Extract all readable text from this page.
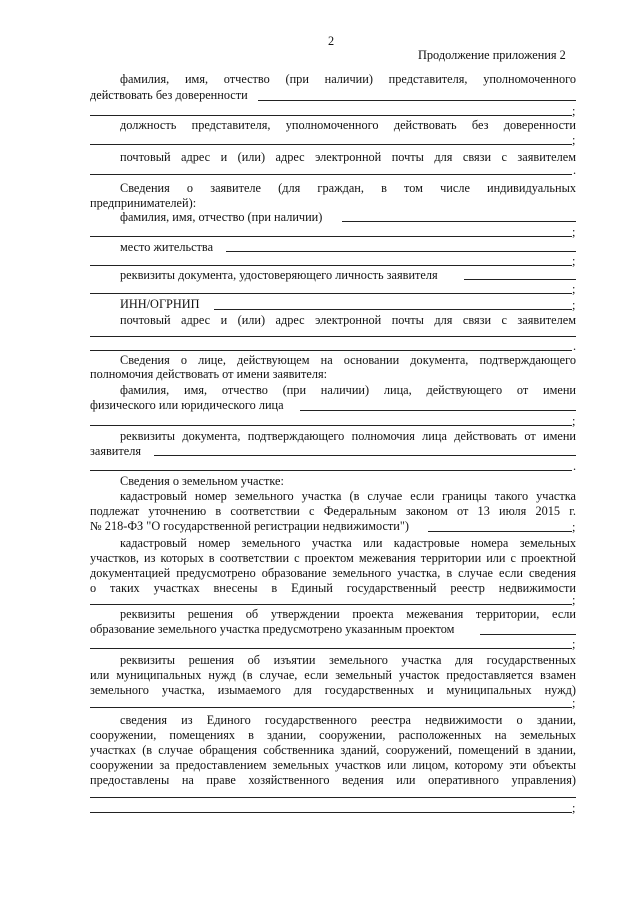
2
Продолжение приложения 2
фамилия, имя, отчество (при наличии) представителя, уполномоченного
действовать без доверенности
;
должность представителя, уполномоченного действовать без доверенности
;
почтовый адрес и (или) адрес электронной почты для связи с заявителем
.
Сведения о заявителе (для граждан, в том числе индивидуальных
предпринимателей):
фамилия, имя, отчество (при наличии)
;
место жительства
;
реквизиты документа, удостоверяющего личность заявителя
;
ИНН/ОГРНИП	;
почтовый адрес и (или) адрес электронной почты для связи с заявителем
.
Сведения о лице, действующем на основании документа, подтверждающего
полномочия действовать от имени заявителя:
фамилия, имя, отчество (при наличии) лица, действующего от имени
физического или юридического лица
;
реквизиты документа, подтверждающего полномочия лица действовать от имени
заявителя
.
Сведения о земельном участке:
кадастровый номер земельного участка (в случае если границы такого участка
подлежат уточнению в соответствии с Федеральным законом от 13 июля 2015 г.
№ 218-ФЗ "О государственной регистрации недвижимости")	;
кадастровый номер земельного участка или кадастровые номера земельных
участков, из которых в соответствии с проектом межевания территории или с проектной
документацией предусмотрено образование земельного участка, в случае если сведения
о таких участках внесены в Единый государственный реестр недвижимости
;
реквизиты решения об утверждении проекта межевания территории, если
образование земельного участка предусмотрено указанным проектом
;
реквизиты решения об изъятии земельного участка для государственных
или муниципальных нужд (в случае, если земельный участок предоставляется взамен
земельного участка, изымаемого для государственных и муниципальных нужд)
;
сведения из Единого государственного реестра недвижимости о здании,
сооружении, помещениях в здании, сооружении, расположенных на земельных
участках (в случае обращения собственника зданий, сооружений, помещений в здании,
сооружении за предоставлением земельных участков или лицом, которому эти объекты
предоставлены на праве хозяйственного ведения или оперативного управления)
;
